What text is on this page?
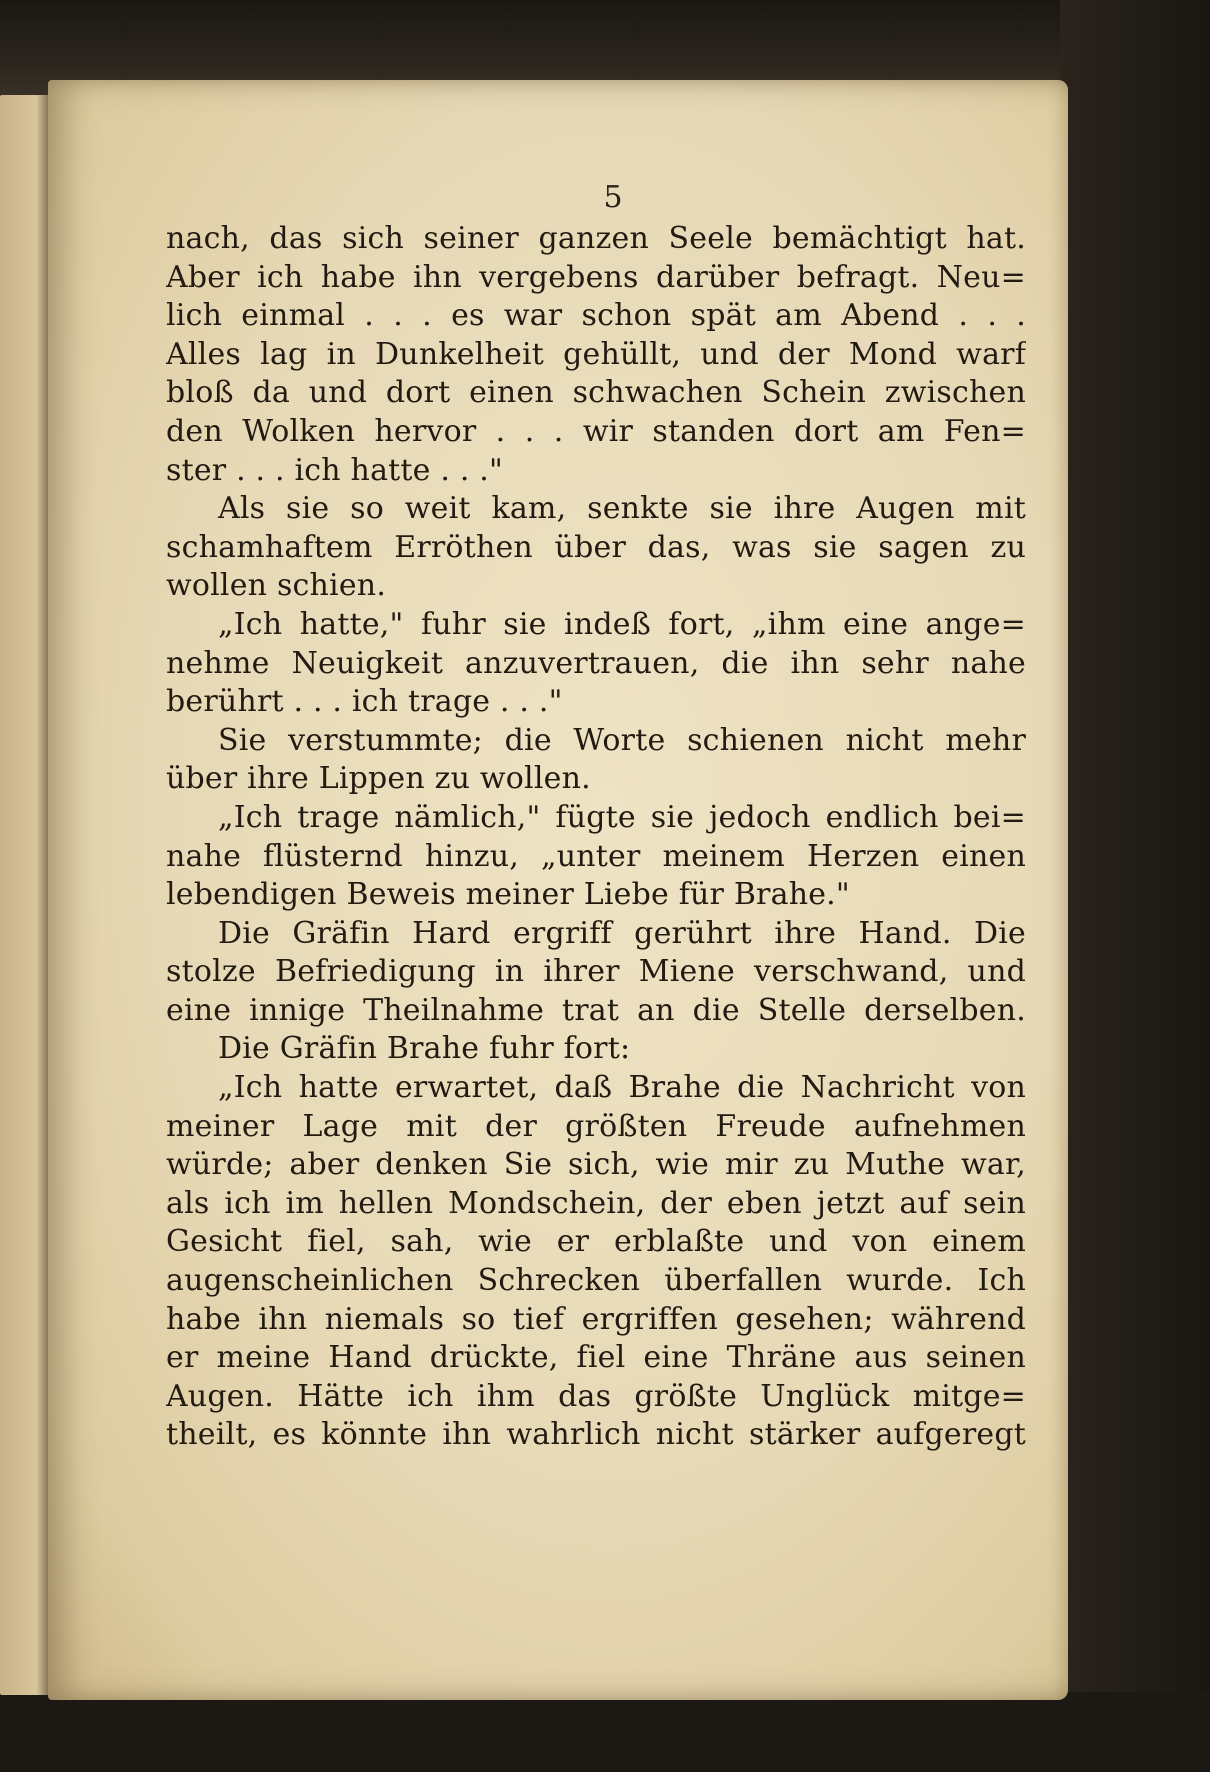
5
nach, das sich seiner ganzen Seele bemächtigt hat.
Aber ich habe ihn vergebens darüber befragt. Neu=
lich einmal . . . es war schon spät am Abend . . .
Alles lag in Dunkelheit gehüllt, und der Mond warf
bloß da und dort einen schwachen Schein zwischen
den Wolken hervor . . . wir standen dort am Fen=
ster . . . ich hatte . . ."
Als sie so weit kam, senkte sie ihre Augen mit
schamhaftem Erröthen über das, was sie sagen zu
wollen schien.
„Ich hatte," fuhr sie indeß fort, „ihm eine ange=
nehme Neuigkeit anzuvertrauen, die ihn sehr nahe
berührt . . . ich trage . . ."
Sie verstummte; die Worte schienen nicht mehr
über ihre Lippen zu wollen.
„Ich trage nämlich," fügte sie jedoch endlich bei=
nahe flüsternd hinzu, „unter meinem Herzen einen
lebendigen Beweis meiner Liebe für Brahe."
Die Gräfin Hard ergriff gerührt ihre Hand. Die
stolze Befriedigung in ihrer Miene verschwand, und
eine innige Theilnahme trat an die Stelle derselben.
Die Gräfin Brahe fuhr fort:
„Ich hatte erwartet, daß Brahe die Nachricht von
meiner Lage mit der größten Freude aufnehmen
würde; aber denken Sie sich, wie mir zu Muthe war,
als ich im hellen Mondschein, der eben jetzt auf sein
Gesicht fiel, sah, wie er erblaßte und von einem
augenscheinlichen Schrecken überfallen wurde. Ich
habe ihn niemals so tief ergriffen gesehen; während
er meine Hand drückte, fiel eine Thräne aus seinen
Augen. Hätte ich ihm das größte Unglück mitge=
theilt, es könnte ihn wahrlich nicht stärker aufgeregt
